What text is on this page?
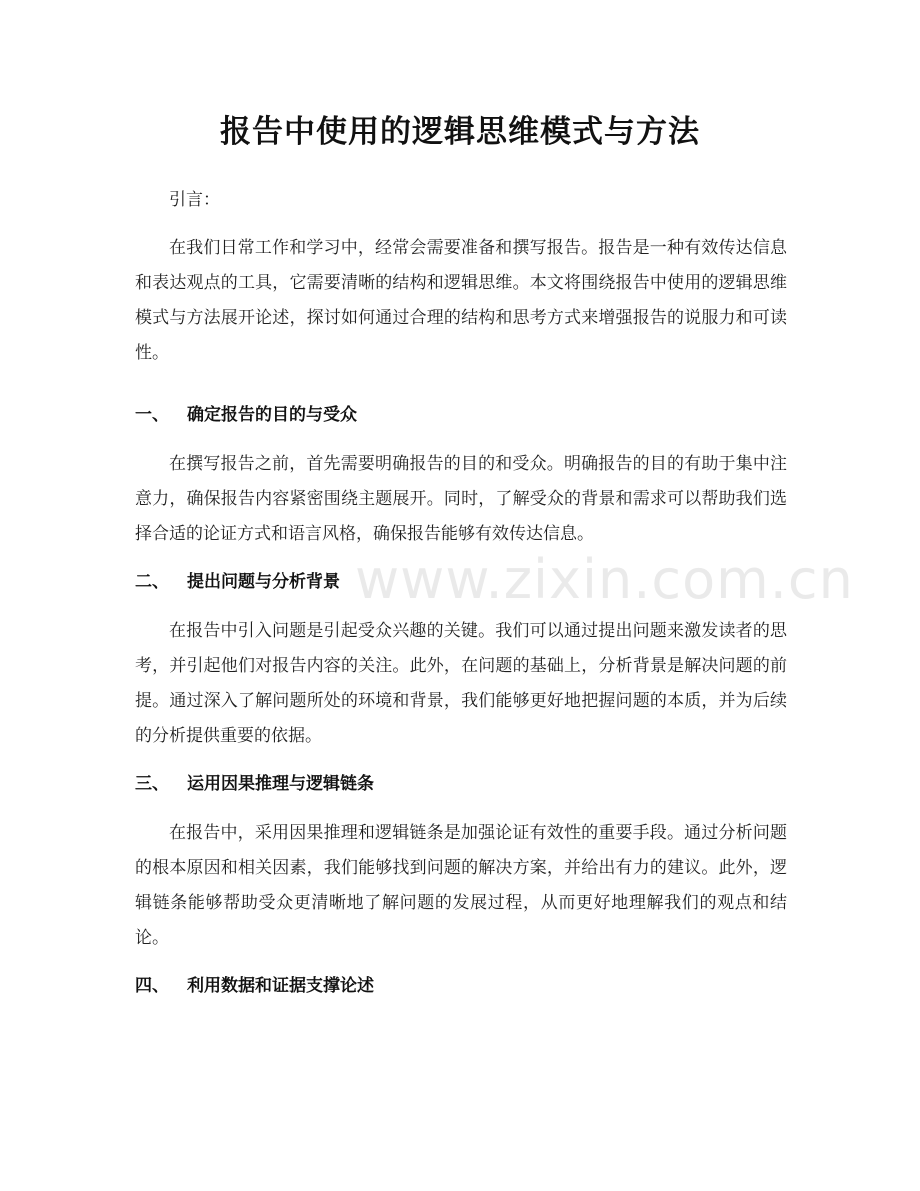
报告中使用的逻辑思维模式与方法

引言：

在我们日常工作和学习中，经常会需要准备和撰写报告。报告是一种有效传达信息和表达观点的工具，它需要清晰的结构和逻辑思维。本文将围绕报告中使用的逻辑思维模式与方法展开论述，探讨如何通过合理的结构和思考方式来增强报告的说服力和可读性。

一、	确定报告的目的与受众

在撰写报告之前，首先需要明确报告的目的和受众。明确报告的目的有助于集中注意力，确保报告内容紧密围绕主题展开。同时，了解受众的背景和需求可以帮助我们选择合适的论证方式和语言风格，确保报告能够有效传达信息。

二、	提出问题与分析背景

在报告中引入问题是引起受众兴趣的关键。我们可以通过提出问题来激发读者的思考，并引起他们对报告内容的关注。此外，在问题的基础上，分析背景是解决问题的前提。通过深入了解问题所处的环境和背景，我们能够更好地把握问题的本质，并为后续的分析提供重要的依据。

三、	运用因果推理与逻辑链条

在报告中，采用因果推理和逻辑链条是加强论证有效性的重要手段。通过分析问题的根本原因和相关因素，我们能够找到问题的解决方案，并给出有力的建议。此外，逻辑链条能够帮助受众更清晰地了解问题的发展过程，从而更好地理解我们的观点和结论。

四、	利用数据和证据支撑论述
www.zixin.com.cn
